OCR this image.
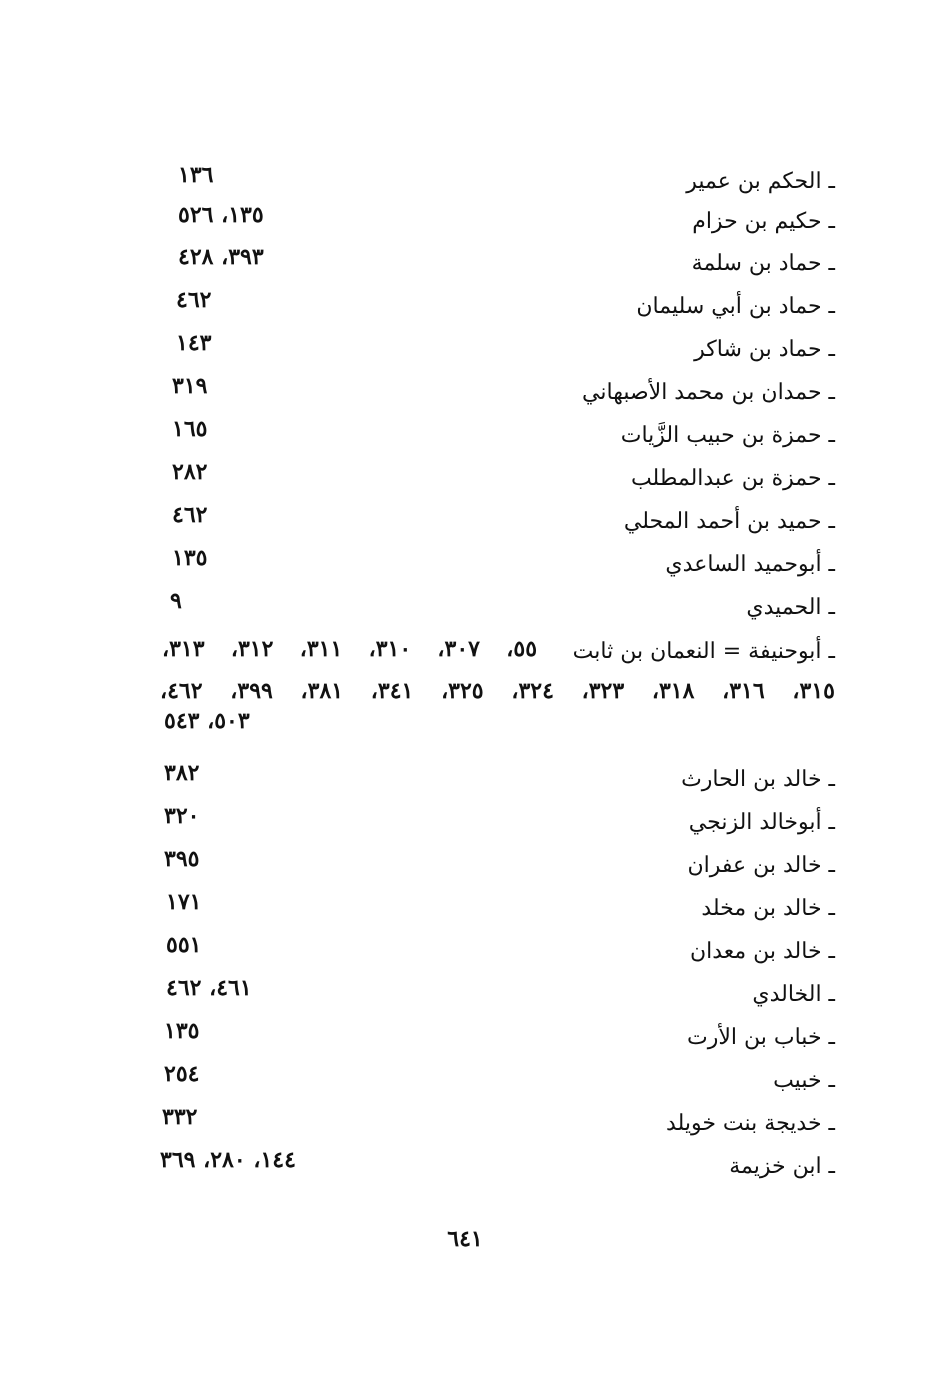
ـ الحكم بن عمير
١٣٦
ـ حكيم بن حزام
١٣٥، ٥٢٦
ـ حماد بن سلمة
٣٩٣، ٤٢٨
ـ حماد بن أبي سليمان
٤٦٢
ـ حماد بن شاكر
١٤٣
ـ حمدان بن محمد الأصبهاني
٣١٩
ـ حمزة بن حبيب الزَّيات
١٦٥
ـ حمزة بن عبدالمطلب
٢٨٢
ـ حميد بن أحمد المحلي
٤٦٢
ـ أبوحميد الساعدي
١٣٥
ـ الحميدي
٩
ـ أبوحنيفة = النعمان بن ثابت
٥٥، ٣٠٧، ٣١٠، ٣١١، ٣١٢، ٣١٣،
٣١٥، ٣١٦، ٣١٨، ٣٢٣، ٣٢٤، ٣٢٥، ٣٤١، ٣٨١، ٣٩٩، ٤٦٢،
٥٠٣، ٥٤٣
ـ خالد بن الحارث
٣٨٢
ـ أبوخالد الزنجي
٣٢٠
ـ خالد بن عفران
٣٩٥
ـ خالد بن مخلد
١٧١
ـ خالد بن معدان
٥٥١
ـ الخالدي
٤٦١، ٤٦٢
ـ خباب بن الأرت
١٣٥
ـ خبيب
٢٥٤
ـ خديجة بنت خويلد
٣٣٢
ـ ابن خزيمة
١٤٤، ٢٨٠، ٣٦٩
٦٤١
